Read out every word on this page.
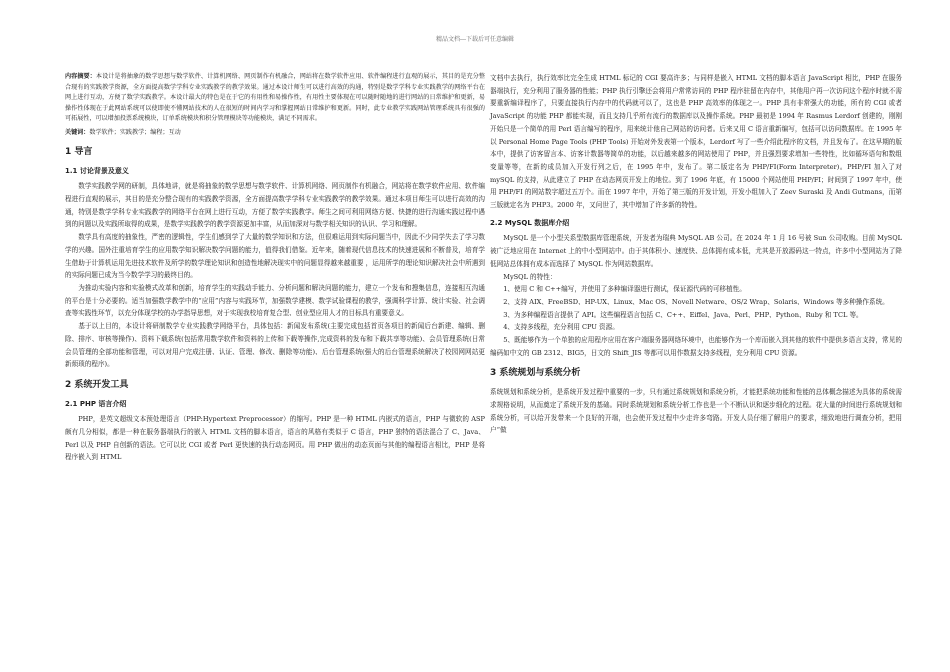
精品文档---下载后可任意编辑

内容摘要：本设计是将抽象的数学思想与数学软件、计算机网络、网页制作有机融合，网站将在数学软件应用、软件编程进行直观的展示，其目的是充分整合现有的实践教学资源，全方面提高数学学科专业实践教学的教学效果。通过本设计师生可以进行高效的沟通，特别是数学学科专业实践教学的网络平台在网上进行互动，方便了数学实践教学。本设计最大的特色是在于它的有用性和易操作性，有用性主要体现在可以随时随地的进行网站的日常维护和更新，易操作性体现在于此网站系统可以使即使不懂网站技术的人在很短的时间内学习和掌握网站日常维护和更新。同时，此专业教学实践网站管理系统具有很强的可拓展性，可以增加投票系统模块，订单系统模块和积分管理模块等功能模块，满足不同需求。

关键词：数学软件；实践教学；编程；互动

1 导言
1.1 讨论背景及意义

数学实践教学网的研制，具体地讲，就是将抽象的数学思想与数学软件、计算机网络、网页制作有机融合，网站将在数学软件应用、软件编程进行直观的展示，其目的是充分整合现有的实践教学资源，全方面提高数学学科专业实践教学的教学效果。通过本项目师生可以进行高效的沟通，特别是数学学科专业实践教学的网络平台在网上进行互动，方便了数学实践教学。师生之间可利用网络方便、快捷的进行沟通实践过程中遇到的问题以及实践所取得的成果，是数学实践教学的教学资源更加丰富，从而加深对与数学相关知识的认识、学习和理解。

数学具有高度的抽象性，严密的逻辑性，学生们感到学了大量的数学知识和方法，但很难运用到实际问题当中，因此不少同学失去了学习数学的兴趣。国外注重培育学生的应用数学知识解决数学问题的能力，值得我们借鉴。近年来，随着现代信息技术的快速进展和不断普及，培育学生借助于计算机运用先进技术软件及所学的数学理论知识和创造性地解决现实中的问题显得越来越重要 ，运用所学的理论知识解决社会中所遇到的实际问题已成为当今数学学习的最终目的。

为推动实验内容和实验模式改革和创新，培育学生的实践动手能力、分析问题和解决问题的能力，建立一个发布和搜集信息，连接相互沟通的平台是十分必要的。适当加强数学教学中的“应用”内容与实践环节，加强数学建模、数学试验课程的教学，强调科学计算、统计实验、社会调查等实践性环节，以充分体现学校的办学指导思想，对于实现我校培育复合型、创业型应用人才的目标具有重要意义。

基于以上目的，本设计将研制数学专业实践教学网络平台，具体包括：新闻发布系统(主要完成包括首页各项目的新闻后台新建、编辑、删除、排序、审核等操作)、资料下载系统(包括常用数学软件和资料的上传和下载等操作,完成资料的发布和下载共享等功能)、会员管理系统(日常会员管理的全部功能和管理，可以对用户完成注册、认证、管理、修改、删除等功能)、后台管理系统(强大的后台管理系统解决了校园网网站更新烦琐的程序)。

2 系统开发工具
2.1 PHP 语言介绍

PHP，是英文超级文本预处理语言（PHP:Hypertext Preprocessor）的缩写。PHP 是一种 HTML 内嵌式的语言，PHP 与微软的 ASP 颇有几分相似，都是一种在服务器端执行的嵌入 HTML 文档的脚本语言，语言的风格有类似于 C 语言，PHP 独特的语法混合了 C、Java、Perl 以及 PHP 自创新的语法。它可以比 CGI 或者 Perl 更快速的执行动态网页。用 PHP 做出的动态页面与其他的编程语言相比，PHP 是将程序嵌入到 HTML

文档中去执行，执行效率比完全生成 HTML 标记的 CGI 要高许多；与同样是嵌入 HTML 文档的脚本语言 JavaScript 相比，PHP 在服务器端执行，充分利用了服务器的性能；PHP 执行引擎还会将用户常常访问的 PHP 程序驻留在内存中，其他用户再一次访问这个程序时就不需要重新编译程序了，只要直接执行内存中的代码就可以了，这也是 PHP 高效率的体现之一。PHP 具有非常强大的功能，所有的 CGI 或者 JavaScript 的功能 PHP 都能实现，而且支持几乎所有流行的数据库以及操作系统。PHP 最初是 1994 年 Rasmus Lerdorf 创建的，刚刚开始只是一个简单的用 Perl 语言编写的程序，用来统计他自己网站的访问者。后来又用 C 语言重新编写，包括可以访问数据库。在 1995 年以 Personal Home Page Tools (PHP Tools) 开始对外发表第一个版本，Lerdorf 写了一些介绍此程序的文档，并且发布了。在这早期的版本中，提供了访客留言本、访客计数器等简单的功能，以后越来越多的网站使用了 PHP，并且强烈要求增加一些特性，比如循环语句和数组变量等等，在新的成员加入开发行列之后，在 1995 年中，发布了。第二版定名为 PHP/FI(Form Interpreter)。PHP/FI 加入了对 mySQL 的支持，从此建立了 PHP 在动态网页开发上的地位。到了 1996 年底，有 15000 个网站使用 PHP/FI；时间到了 1997 年中，使用 PHP/FI 的网站数字超过五万个。而在 1997 年中，开始了第三版的开发计划，开发小组加入了 Zeev Suraski 及 Andi Gutmans，而第三版就定名为 PHP3。2000 年，又问世了，其中增加了许多新的特性。

2.2 MySQL 数据库介绍

MySQL 是一个小型关系型数据库管理系统，开发者为瑞典 MySQL AB 公司。在 2024 年 1 月 16 号被 Sun 公司收购。目前 MySQL 被广泛地应用在 Internet 上的中小型网站中。由于其体积小、速度快、总体拥有成本低，尤其是开放源码这一特点，许多中小型网站为了降低网站总体拥有成本而选择了 MySQL 作为网站数据库。

MySQL 的特性：

1、使用 C 和 C++编写，并使用了多种编译器进行测试，保证源代码的可移植性。

2、支持 AIX、FreeBSD、HP-UX、Linux、Mac OS、Novell Netware、OS/2 Wrap、Solaris、Windows 等多种操作系统。

3、为多种编程语言提供了 API。这些编程语言包括 C、C++、Eiffel、Java、Perl、PHP、Python、Ruby 和 TCL 等。

4、支持多线程，充分利用 CPU 资源。

5、既能够作为一个单独的应用程序应用在客户端服务器网络环境中，也能够作为一个库而嵌入到其他的软件中提供多语言支持，常见的编码如中文的 GB 2312、BIG5，日文的 Shift_JIS 等都可以用作数据支持多线程，充分利用 CPU 资源。

3 系统规划与系统分析

系统规划和系统分析，是系统开发过程中重要的一步，只有通过系统规划和系统分析，才能把系统功能和性能的总体概念描述为具体的系统需求规格说明，从而奠定了系统开发的基础。同时系统规划和系统分析工作也是一个不断认识和逐步细化的过程。花大量的时间进行系统规划和系统分析，可以给开发带来一个良好的开端，也会使开发过程中少走许多弯路。开发人员仔细了解用户的要求，细致地进行调查分析，把用户“做
